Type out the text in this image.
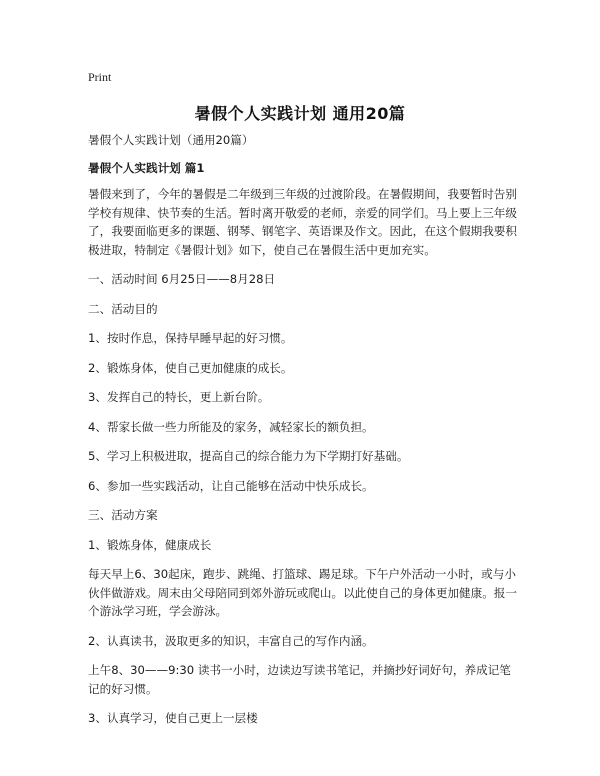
Print
暑假个人实践计划 通用20篇

暑假个人实践计划（通用20篇）

暑假个人实践计划 篇1

暑假来到了，今年的暑假是二年级到三年级的过渡阶段。在暑假期间，我要暂时告别学校有规律、快节奏的生活。暂时离开敬爱的老师，亲爱的同学们。马上要上三年级了，我要面临更多的课题、钢琴、钢笔字、英语课及作文。因此，在这个假期我要积极进取，特制定《暑假计划》如下，使自己在暑假生活中更加充实。

一、活动时间 6月25日——8月28日

二、活动目的

1、按时作息，保持早睡早起的好习惯。

2、锻炼身体，使自己更加健康的成长。

3、发挥自己的特长，更上新台阶。

4、帮家长做一些力所能及的家务，减轻家长的额负担。

5、学习上积极进取，提高自己的综合能力为下学期打好基础。

6、参加一些实践活动，让自己能够在活动中快乐成长。

三、活动方案

1、锻炼身体，健康成长

每天早上6、30起床，跑步、跳绳、打篮球、踢足球。下午户外活动一小时，或与小伙伴做游戏。周末由父母陪同到郊外游玩或爬山。以此使自己的身体更加健康。报一个游泳学习班，学会游泳。

2、认真读书，汲取更多的知识，丰富自己的写作内涵。

上午8、30——9:30 读书一小时，边读边写读书笔记，并摘抄好词好句，养成记笔记的好习惯。

3、认真学习，使自己更上一层楼
